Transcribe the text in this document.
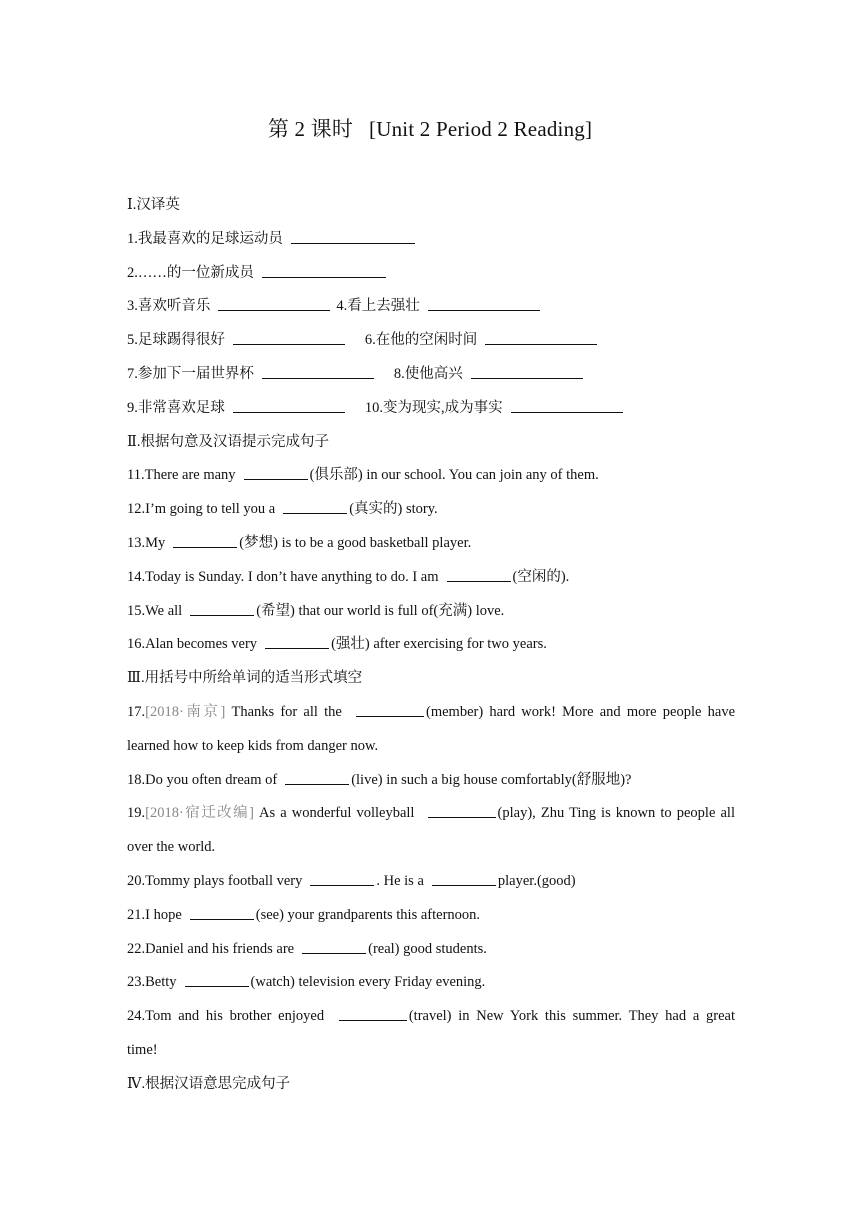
第 2 课时 [Unit 2 Period 2 Reading]
Ⅰ.汉译英
1.我最喜欢的足球运动员
2.……的一位新成员
3.喜欢听音乐	4.看上去强壮
5.足球踢得很好	6.在他的空闲时间
7.参加下一届世界杯	8.使他高兴
9.非常喜欢足球	10.变为现实,成为事实
Ⅱ.根据句意及汉语提示完成句子
11.There are many	(俱乐部) in our school. You can join any of them.
12.I’m going to tell you a	(真实的) story.
13.My	(梦想) is to be a good basketball player.
14.Today is Sunday. I don’t have anything to do. I am	(空闲的).
15.We all	(希望) that our world is full of(充满) love.
16.Alan becomes very	(强壮) after exercising for two years.
Ⅲ.用括号中所给单词的适当形式填空
17.[2018·南京] Thanks for all the	(member) hard work! More and more people have
learned how to keep kids from danger now.
18.Do you often dream of	(live) in such a big house comfortably(舒服地)?
19.[2018·宿迁改编] As a wonderful volleyball	(play), Zhu Ting is known to people all
over the world.
20.Tommy plays football very	. He is a	player.(good)
21.I hope	(see) your grandparents this afternoon.
22.Daniel and his friends are	(real) good students.
23.Betty	(watch) television every Friday evening.
24.Tom and his brother enjoyed	(travel) in New York this summer. They had a great
time!
Ⅳ.根据汉语意思完成句子
